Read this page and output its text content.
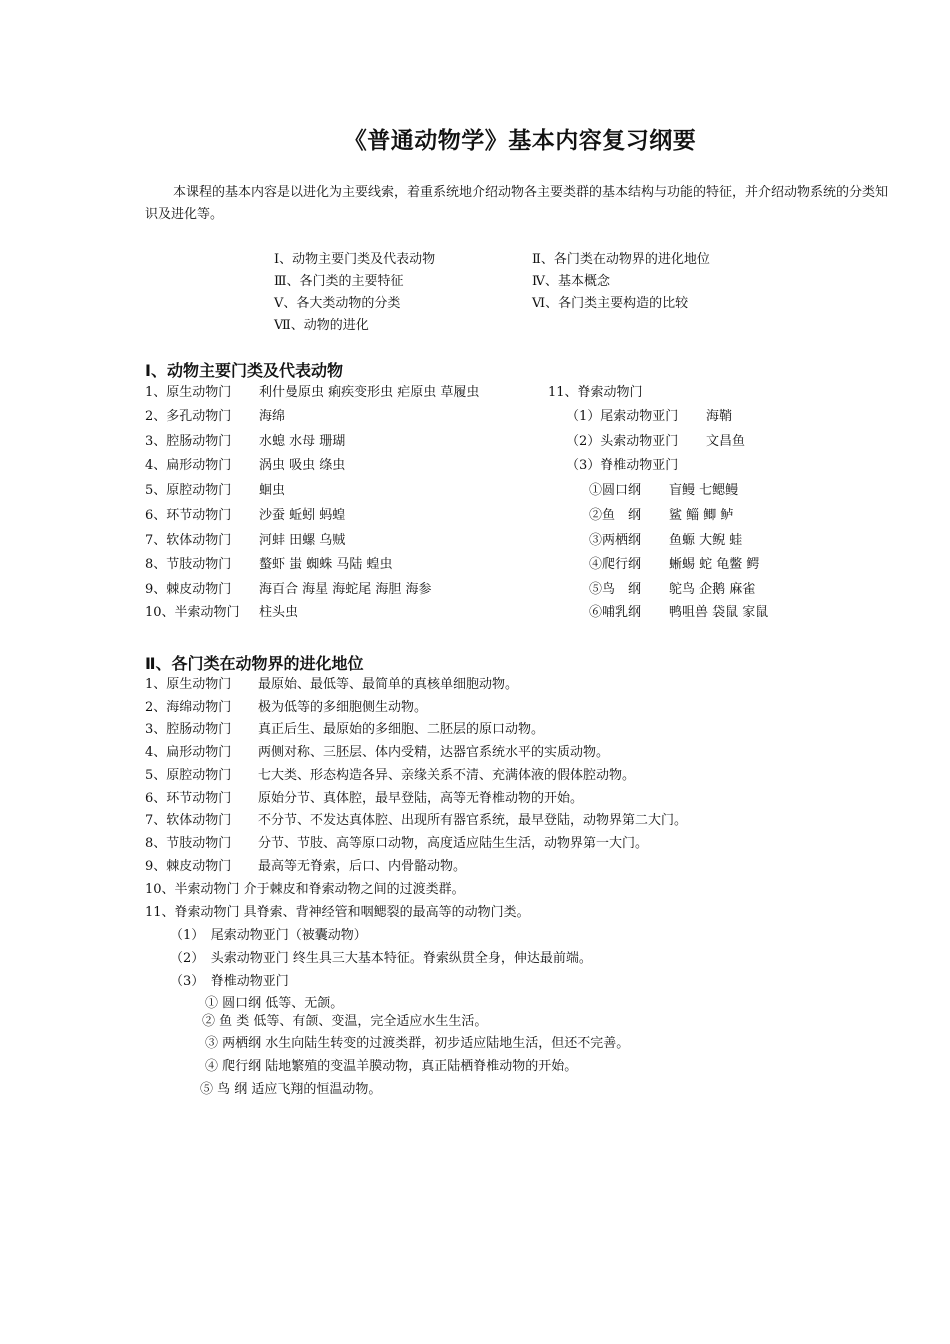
《普通动物学》基本内容复习纲要
本课程的基本内容是以进化为主要线索，着重系统地介绍动物各主要类群的基本结构与功能的特征，并介绍动物系统的分类知识及进化等。
Ⅰ、动物主要门类及代表动物
Ⅲ、各门类的主要特征
Ⅴ、各大类动物的分类
Ⅶ、动物的进化
Ⅱ、各门类在动物界的进化地位
Ⅳ、基本概念
Ⅵ、各门类主要构造的比较
Ⅰ、动物主要门类及代表动物
1、原生动物门 利什曼原虫 痢疾变形虫 疟原虫 草履虫
2、多孔动物门 海绵
3、腔肠动物门 水螅 水母 珊瑚
4、扁形动物门 涡虫 吸虫 绦虫
5、原腔动物门 蛔虫
6、环节动物门 沙蚕 蚯蚓 蚂蝗
7、软体动物门 河蚌 田螺 乌贼
8、节肢动物门 螯虾 蚩 蜘蛛 马陆 蝗虫
9、棘皮动物门 海百合 海星 海蛇尾 海胆 海参
10、半索动物门 柱头虫
11、脊索动物门
（1）尾索动物亚门 海鞘
（2）头索动物亚门 文昌鱼
（3）脊椎动物亚门
①圆口纲 盲鳗 七鳃鳗
②鱼　纲 鲨 鲻 鲫 鲈
③两栖纲 鱼螈 大鲵 蛙
④爬行纲 蜥蜴 蛇 龟鳖 鳄
⑤鸟　纲 鸵鸟 企鹅 麻雀
⑥哺乳纲 鸭咀兽 袋鼠 家鼠
Ⅱ、各门类在动物界的进化地位
1、原生动物门 最原始、最低等、最简单的真核单细胞动物。
2、海绵动物门 极为低等的多细胞侧生动物。
3、腔肠动物门 真正后生、最原始的多细胞、二胚层的原口动物。
4、扁形动物门 两侧对称、三胚层、体内受精，达器官系统水平的实质动物。
5、原腔动物门 七大类、形态构造各异、亲缘关系不清、充满体液的假体腔动物。
6、环节动物门 原始分节、真体腔，最早登陆，高等无脊椎动物的开始。
7、软体动物门 不分节、不发达真体腔、出现所有器官系统，最早登陆，动物界第二大门。
8、节肢动物门 分节、节肢、高等原口动物，高度适应陆生生活，动物界第一大门。
9、棘皮动物门 最高等无脊索，后口、内骨骼动物。
10、半索动物门 介于棘皮和脊索动物之间的过渡类群。
11、脊索动物门 具脊索、背神经管和咽鳃裂的最高等的动物门类。
（1）　尾索动物亚门（被囊动物）
（2）　头索动物亚门 终生具三大基本特征。脊索纵贯全身，伸达最前端。
（3）　脊椎动物亚门
① 圆口纲 低等、无颌。
② 鱼 类 低等、有颌、变温，完全适应水生生活。
③ 两栖纲 水生向陆生转变的过渡类群，初步适应陆地生活，但还不完善。
④ 爬行纲 陆地繁殖的变温羊膜动物，真正陆栖脊椎动物的开始。
⑤ 鸟 纲 适应飞翔的恒温动物。
